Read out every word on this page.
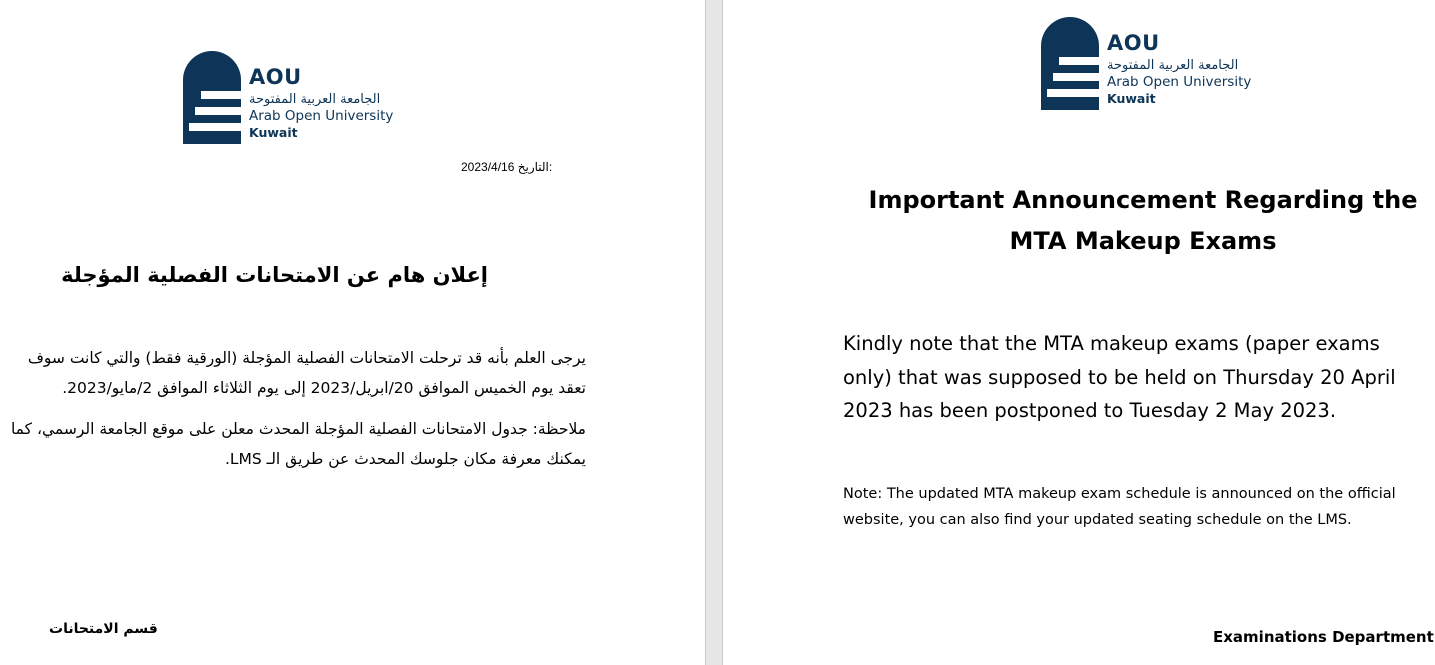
AOU
الجامعة العربية المفتوحة
Arab Open University
Kuwait
2023/4/16 التاريخ:
إعلان هام عن الامتحانات الفصلية المؤجلة
يرجى العلم بأنه قد ترحلت الامتحانات الفصلية المؤجلة (الورقية فقط) والتي كانت سوف تعقد يوم الخميس الموافق 20/ابريل/2023 إلى يوم الثلاثاء الموافق 2/مايو/2023.
ملاحظة: جدول الامتحانات الفصلية المؤجلة المحدث معلن على موقع الجامعة الرسمي، كما يمكنك معرفة مكان جلوسك المحدث عن طريق الـ LMS.
قسم الامتحانات
AOU
الجامعة العربية المفتوحة
Arab Open University
Kuwait
Important Announcement Regarding the MTA Makeup Exams
Kindly note that the MTA makeup exams (paper exams only) that was supposed to be held on Thursday 20 April 2023 has been postponed to Tuesday 2 May 2023.
Note: The updated MTA makeup exam schedule is announced on the official website, you can also find your updated seating schedule on the LMS.
Examinations Department
